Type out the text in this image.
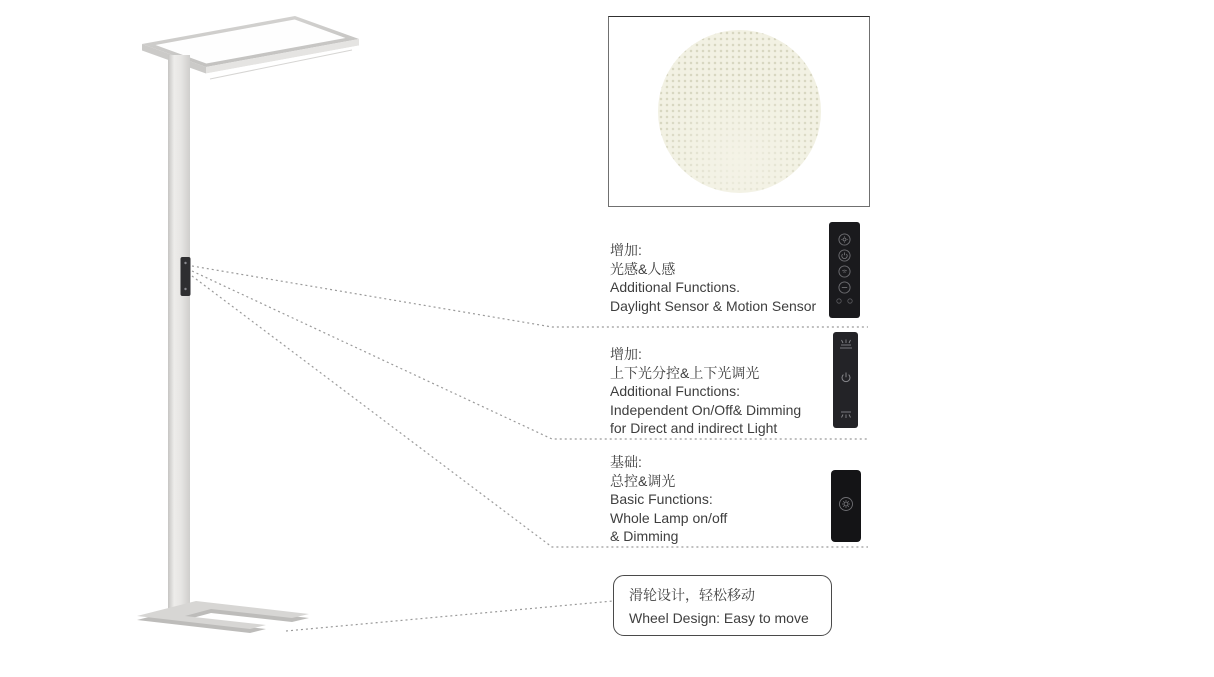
增加:
光感&人感
Additional Functions.
Daylight Sensor & Motion Sensor
增加:
上下光分控&上下光调光
Additional Functions:
Independent On/Off& Dimming
for Direct and indirect Light
基础:
总控&调光
Basic Functions:
Whole Lamp on/off
& Dimming
滑轮设计，轻松移动
Wheel Design: Easy to move
